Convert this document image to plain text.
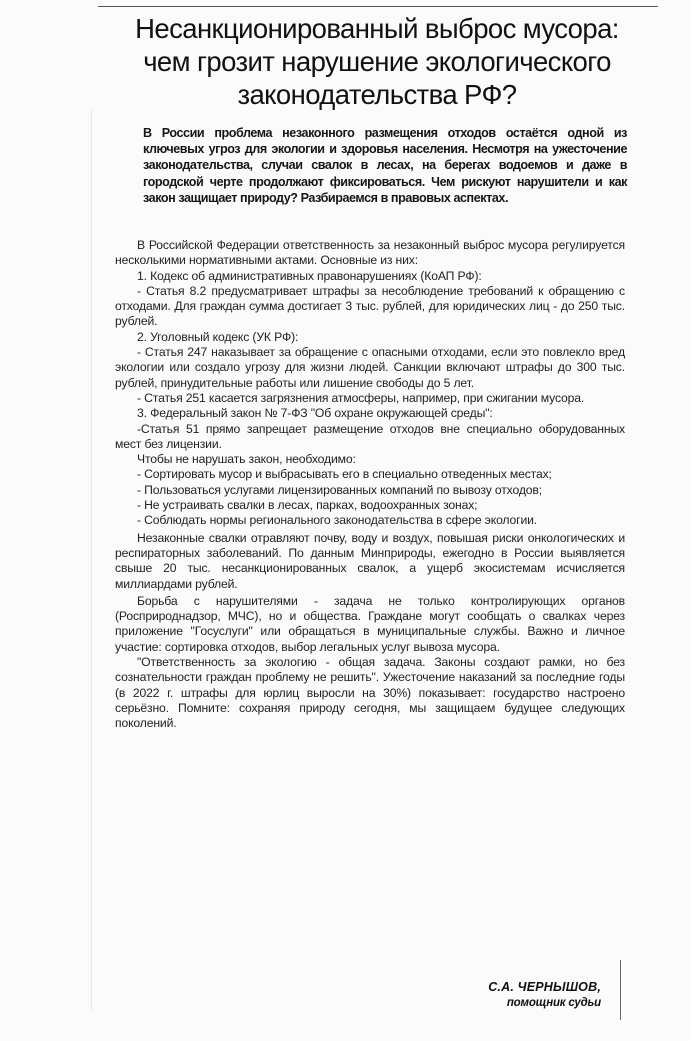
Несанкционированный выброс мусора:
чем грозит нарушение экологического
законодательства РФ?
В России проблема незаконного размещения отходов остаётся одной из ключевых угроз для экологии и здоровья населения. Несмотря на ужесточение законодательства, случаи свалок в лесах, на берегах водоемов и даже в городской черте продолжают фиксироваться. Чем рискуют нарушители и как закон защищает природу? Разбираемся в правовых аспектах.

В Российской Федерации ответственность за незаконный выброс мусора регулируется несколькими нормативными актами. Основные из них:

1. Кодекс об административных правонарушениях (КоАП РФ):

- Статья 8.2 предусматривает штрафы за несоблюдение требований к обращению с отходами. Для граждан сумма достигает 3 тыс. рублей, для юридических лиц - до 250 тыс. рублей.

2. Уголовный кодекс (УК РФ):

- Статья 247 наказывает за обращение с опасными отходами, если это повлекло вред экологии или создало угрозу для жизни людей. Санкции включают штрафы до 300 тыс. рублей, принудительные работы или лишение свободы до 5 лет.

- Статья 251 касается загрязнения атмосферы, например, при сжигании мусора.

3. Федеральный закон № 7-ФЗ "Об охране окружающей среды":

-Статья 51 прямо запрещает размещение отходов вне специально оборудованных мест без лицензии.

Чтобы не нарушать закон, необходимо:

- Сортировать мусор и выбрасывать его в специально отведенных местах;

- Пользоваться услугами лицензированных компаний по вывозу отходов;

- Не устраивать свалки в лесах, парках, водоохранных зонах;

- Соблюдать нормы регионального законодательства в сфере экологии.

Незаконные свалки отравляют почву, воду и воздух, повышая риски онкологических и респираторных заболеваний. По данным Минприроды, ежегодно в России выявляется свыше 20 тыс. несанкционированных свалок, а ущерб экосистемам исчисляется миллиардами рублей.

Борьба с нарушителями - задача не только контролирующих органов (Росприроднадзор, МЧС), но и общества. Граждане могут сообщать о свалках через приложение "Госуслуги" или обращаться в муниципальные службы. Важно и личное участие: сортировка отходов, выбор легальных услуг вывоза мусора.

"Ответственность за экологию - общая задача. Законы создают рамки, но без сознательности граждан проблему не решить". Ужесточение наказаний за последние годы (в 2022 г. штрафы для юрлиц выросли на 30%) показывает: государство настроено серьёзно. Помните: сохраняя природу сегодня, мы защищаем будущее следующих поколений.

С.А. ЧЕРНЫШОВ,
помощник судьи
